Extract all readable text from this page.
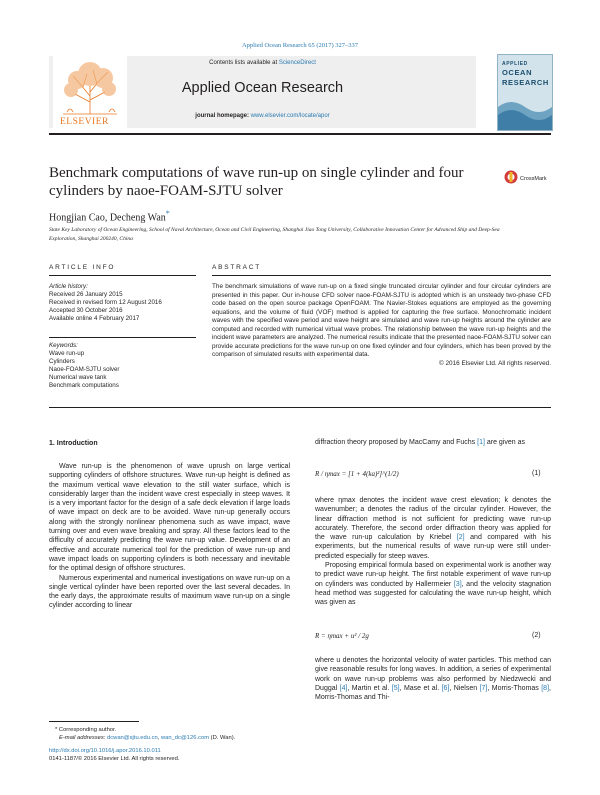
Applied Ocean Research 65 (2017) 327–337
ELSEVIER
Contents lists available at ScienceDirect
Applied Ocean Research
journal homepage: www.elsevier.com/locate/apor
APPLIED
OCEAN
RESEARCH
Benchmark computations of wave run-up on single cylinder and four cylinders by naoe-FOAM-SJTU solver
CrossMark
Hongjian Cao, Decheng Wan*
State Key Laboratory of Ocean Engineering, School of Naval Architecture, Ocean and Civil Engineering, Shanghai Jiao Tong University, Collaborative Innovation Center for Advanced Ship and Deep-Sea Exploration, Shanghai 200240, China
ARTICLE INFO
Article history:
Received 26 January 2015
Received in revised form 12 August 2016
Accepted 30 October 2016
Available online 4 February 2017
Keywords:
Wave run-up
Cylinders
Naoe-FOAM-SJTU solver
Numerical wave tank
Benchmark computations
ABSTRACT
The benchmark simulations of wave run-up on a fixed single truncated circular cylinder and four circular cylinders are presented in this paper. Our in-house CFD solver naoe-FOAM-SJTU is adopted which is an unsteady two-phase CFD code based on the open source package OpenFOAM. The Navier-Stokes equations are employed as the governing equations, and the volume of fluid (VOF) method is applied for capturing the free surface. Monochromatic incident waves with the specified wave period and wave height are simulated and wave run-up heights around the cylinder are computed and recorded with numerical virtual wave probes. The relationship between the wave run-up heights and the incident wave parameters are analyzed. The numerical results indicate that the presented naoe-FOAM-SJTU solver can provide accurate predictions for the wave run-up on one fixed cylinder and four cylinders, which has been proved by the comparison of simulated results with experimental data.
© 2016 Elsevier Ltd. All rights reserved.
1. Introduction

Wave run-up is the phenomenon of wave uprush on large vertical supporting cylinders of offshore structures. Wave run-up height is defined as the maximum vertical wave elevation to the still water surface, which is considerably larger than the incident wave crest especially in steep waves. It is a very important factor for the design of a safe deck elevation if large loads of wave impact on deck are to be avoided. Wave run-up generally occurs along with the strongly nonlinear phenomena such as wave impact, wave turning over and even wave breaking and spray. All these factors lead to the difficulty of accurately predicting the wave run-up value. Development of an effective and accurate numerical tool for the prediction of wave run-up and wave impact loads on supporting cylinders is both necessary and inevitable for the optimal design of offshore structures.

Numerous experimental and numerical investigations on wave run-up on a single vertical cylinder have been reported over the last several decades. In the early days, the approximate results of maximum wave run-up on a single cylinder according to linear

diffraction theory proposed by MacCamy and Fuchs [1] are given as
R / ηmax = [1 + 4(ka)²]^(1/2)	(1)
where ηmax denotes the incident wave crest elevation; k denotes the wavenumber; a denotes the radius of the circular cylinder. However, the linear diffraction method is not sufficient for predicting wave run-up accurately. Therefore, the second order diffraction theory was applied for the wave run-up calculation by Kriebel [2] and compared with his experiments, but the numerical results of wave run-up were still under-predicted especially for steep waves.
Proposing empirical formula based on experimental work is another way to predict wave run-up height. The first notable experiment of wave run-up on cylinders was conducted by Hallermeier [3], and the velocity stagnation head method was suggested for calculating the wave run-up height, which was given as
R = ηmax + u² / 2g	(2)
where u denotes the horizontal velocity of water particles. This method can give reasonable results for long waves. In addition, a series of experimental work on wave run-up problems was also performed by Niedzwecki and Duggal [4], Martin et al. [5], Mase et al. [6], Nielsen [7], Morris-Thomas [8], Morris-Thomas and Thi-
* Corresponding author.
E-mail addresses: dcwan@sjtu.edu.cn, wan_dc@126.com (D. Wan).
http://dx.doi.org/10.1016/j.apor.2016.10.011
0141-1187/© 2016 Elsevier Ltd. All rights reserved.
